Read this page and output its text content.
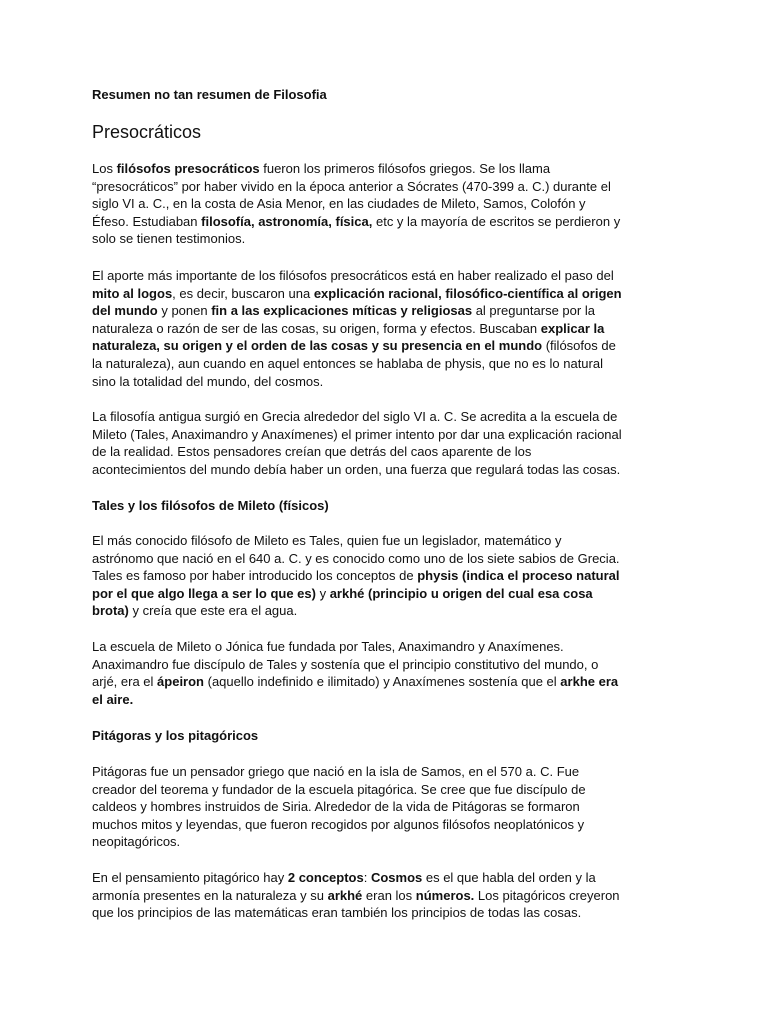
Resumen no tan resumen de Filosofia
Presocráticos

Los filósofos presocráticos fueron los primeros filósofos griegos. Se los llama
“presocráticos” por haber vivido en la época anterior a Sócrates (470-399 a. C.) durante el
siglo VI a. C., en la costa de Asia Menor, en las ciudades de Mileto, Samos, Colofón y
Éfeso. Estudiaban filosofía, astronomía, física, etc y la mayoría de escritos se perdieron y
solo se tienen testimonios.

El aporte más importante de los filósofos presocráticos está en haber realizado el paso del
mito al logos, es decir, buscaron una explicación racional, filosófico-científica al origen
del mundo y ponen fin a las explicaciones míticas y religiosas al preguntarse por la
naturaleza o razón de ser de las cosas, su origen, forma y efectos. Buscaban explicar la
naturaleza, su origen y el orden de las cosas y su presencia en el mundo (filósofos de
la naturaleza), aun cuando en aquel entonces se hablaba de physis, que no es lo natural
sino la totalidad del mundo, del cosmos.

La filosofía antigua surgió en Grecia alrededor del siglo VI a. C. Se acredita a la escuela de
Mileto (Tales, Anaximandro y Anaxímenes) el primer intento por dar una explicación racional
de la realidad. Estos pensadores creían que detrás del caos aparente de los
acontecimientos del mundo debía haber un orden, una fuerza que regulará todas las cosas.

Tales y los filósofos de Mileto (físicos)

El más conocido filósofo de Mileto es Tales, quien fue un legislador, matemático y
astrónomo que nació en el 640 a. C. y es conocido como uno de los siete sabios de Grecia.
Tales es famoso por haber introducido los conceptos de physis (indica el proceso natural
por el que algo llega a ser lo que es) y arkhé (principio u origen del cual esa cosa
brota) y creía que este era el agua.

La escuela de Mileto o Jónica fue fundada por Tales, Anaximandro y Anaxímenes.
Anaximandro fue discípulo de Tales y sostenía que el principio constitutivo del mundo, o
arjé, era el ápeiron (aquello indefinido e ilimitado) y Anaxímenes sostenía que el arkhe era
el aire.

Pitágoras y los pitagóricos

Pitágoras fue un pensador griego que nació en la isla de Samos, en el 570 a. C. Fue
creador del teorema y fundador de la escuela pitagórica. Se cree que fue discípulo de
caldeos y hombres instruidos de Siria. Alrededor de la vida de Pitágoras se formaron
muchos mitos y leyendas, que fueron recogidos por algunos filósofos neoplatónicos y
neopitagóricos.

En el pensamiento pitagórico hay 2 conceptos: Cosmos es el que habla del orden y la
armonía presentes en la naturaleza y su arkhé eran los números. Los pitagóricos creyeron
que los principios de las matemáticas eran también los principios de todas las cosas.
